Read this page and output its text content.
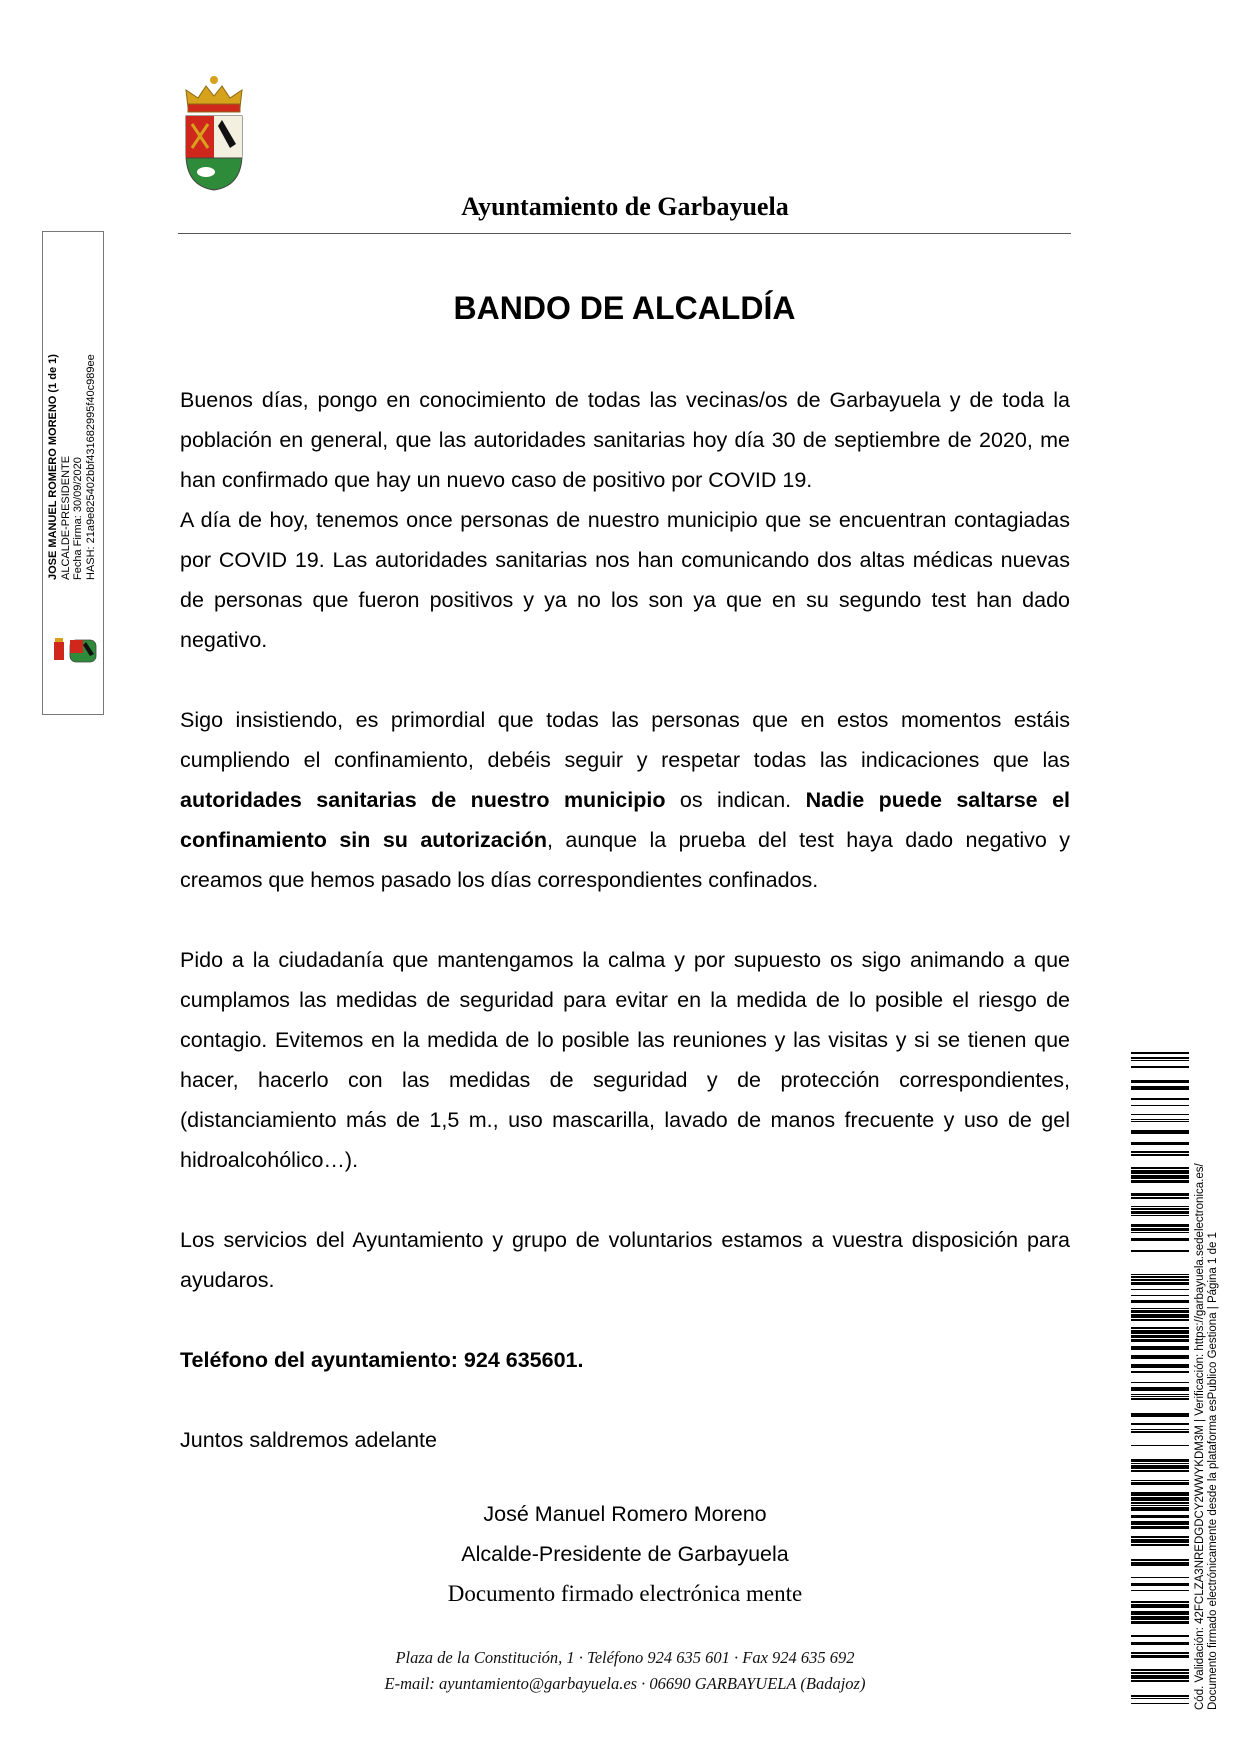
Ayuntamiento de Garbayuela
BANDO DE ALCALDÍA

Buenos días, pongo en conocimiento de todas las vecinas/os de Garbayuela y de toda la población en general, que las autoridades sanitarias hoy día 30 de septiembre de 2020, me han confirmado que hay un nuevo caso de positivo por COVID 19.

A día de hoy, tenemos once personas de nuestro municipio que se encuentran contagiadas por COVID 19. Las autoridades sanitarias nos han comunicando dos altas médicas nuevas de personas que fueron positivos y ya no los son ya que en su segundo test han dado negativo.

Sigo insistiendo, es primordial que todas las personas que en estos momentos estáis cumpliendo el confinamiento, debéis seguir y respetar todas las indicaciones que las autoridades sanitarias de nuestro municipio os indican. Nadie puede saltarse el confinamiento sin su autorización, aunque la prueba del test haya dado negativo y creamos que hemos pasado los días correspondientes confinados.

Pido a la ciudadanía que mantengamos la calma y por supuesto os sigo animando a que cumplamos las medidas de seguridad para evitar en la medida de lo posible el riesgo de contagio. Evitemos en la medida de lo posible las reuniones y las visitas y si se tienen que hacer, hacerlo con las medidas de seguridad y de protección correspondientes, (distanciamiento más de 1,5 m., uso mascarilla, lavado de manos frecuente y uso de gel hidroalcohólico…).

Los servicios del Ayuntamiento y grupo de voluntarios estamos a vuestra disposición para ayudaros.

Teléfono del ayuntamiento: 924 635601.

Juntos saldremos adelante

José Manuel Romero Moreno
Alcalde-Presidente de Garbayuela
Documento firmado electrónica mente
Plaza de la Constitución, 1 · Teléfono 924 635 601 · Fax 924 635 692
E-mail: ayuntamiento@garbayuela.es · 06690 GARBAYUELA (Badajoz)
JOSE MANUEL ROMERO MORENO (1 de 1) ALCALDE-PRESIDENTE Fecha Firma: 30/09/2020 HASH: 21a9e825402bbf431682995f40c989ee
Cód. Validación: 42FCLZA3NREDGDCY2WWYKDM3M | Verificación: https://garbayuela.sedelectronica.es/ Documento firmado electrónicamente desde la plataforma esPublico Gestiona | Página 1 de 1
